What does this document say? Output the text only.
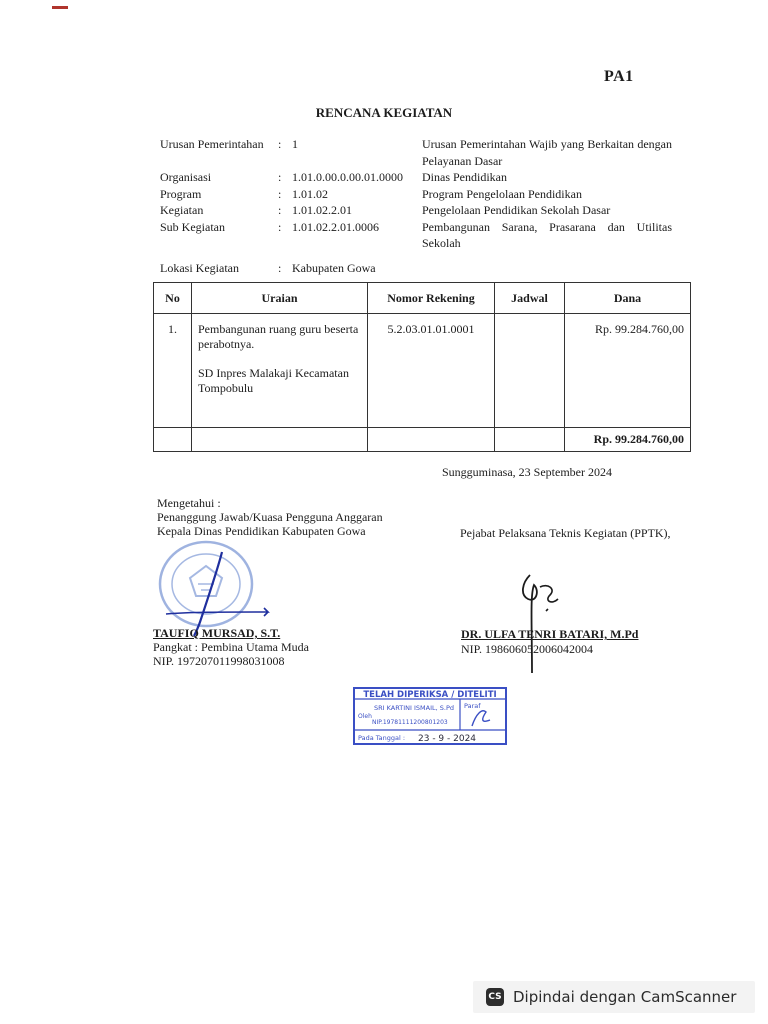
PA1
RENCANA KEGIATAN
Urusan Pemerintahan	: 1	Urusan Pemerintahan Wajib yang Berkaitan dengan Pelayanan Dasar
Organisasi	: 1.01.0.00.0.00.01.0000	Dinas Pendidikan
Program	: 1.01.02	Program Pengelolaan Pendidikan
Kegiatan	: 1.01.02.2.01	Pengelolaan Pendidikan Sekolah Dasar
Sub Kegiatan	: 1.01.02.2.01.0006	Pembangunan Sarana, Prasarana dan Utilitas Sekolah
Lokasi Kegiatan	: Kabupaten Gowa
No	Uraian	Nomor Rekening	Jadwal	Dana
1.	Pembangunan ruang guru beserta perabotnya.
SD Inpres Malakaji Kecamatan Tompobulu	5.2.03.01.01.0001		Rp. 99.284.760,00
				Rp. 99.284.760,00
Sungguminasa, 23 September 2024
Mengetahui :
Penanggung Jawab/Kuasa Pengguna Anggaran
Kepala Dinas Pendidikan Kabupaten Gowa	Pejabat Pelaksana Teknis Kegiatan (PPTK),
TAUFIQ MURSAD, S.T.
Pangkat : Pembina Utama Muda
NIP. 197207011998031008
DR. ULFA TENRI BATARI, M.Pd
NIP. 198606052006042004
TELAH DIPERIKSA / DITELITI
Oleh
SRI KARTINI ISMAIL, S.Pd
NIP.19781111200801203
Paraf
Pada Tanggal : 23 - 9 - 2024
CS Dipindai dengan CamScanner
